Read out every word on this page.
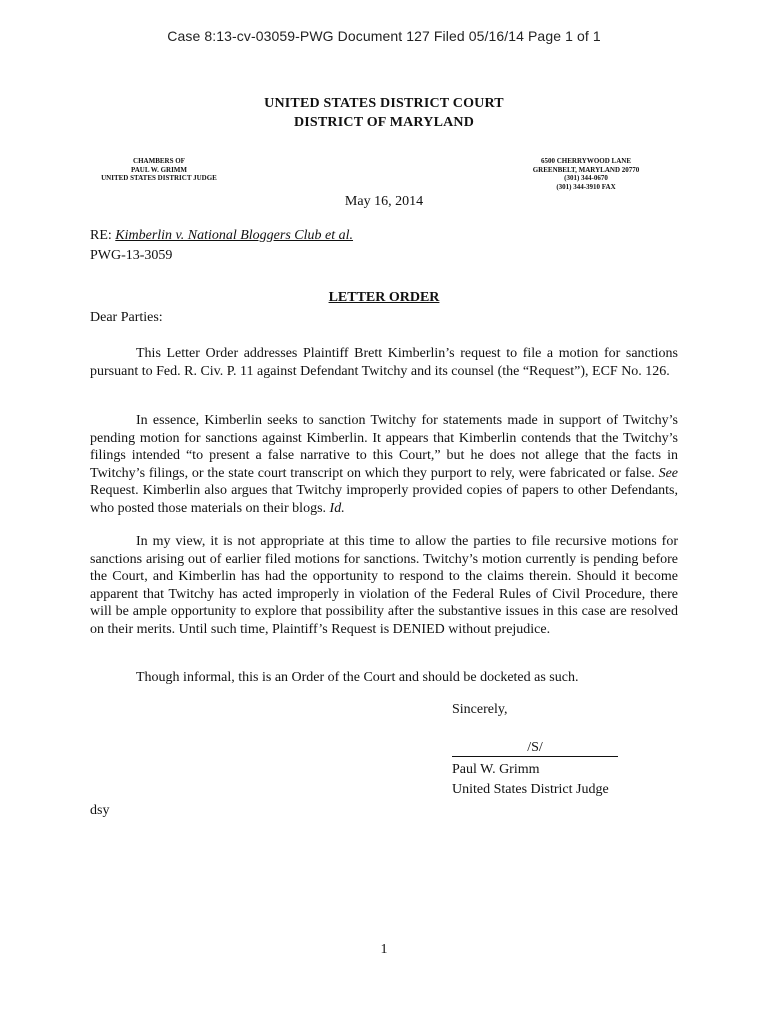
Case 8:13-cv-03059-PWG Document 127 Filed 05/16/14 Page 1 of 1
UNITED STATES DISTRICT COURT
DISTRICT OF MARYLAND
CHAMBERS OF
PAUL W. GRIMM
UNITED STATES DISTRICT JUDGE
6500 CHERRYWOOD LANE
GREENBELT, MARYLAND 20770
(301) 344-0670
(301) 344-3910 FAX
May 16, 2014
RE: Kimberlin v. National Bloggers Club et al.
PWG-13-3059
LETTER ORDER
Dear Parties:
This Letter Order addresses Plaintiff Brett Kimberlin’s request to file a motion for sanctions pursuant to Fed. R. Civ. P. 11 against Defendant Twitchy and its counsel (the “Request”), ECF No. 126.
In essence, Kimberlin seeks to sanction Twitchy for statements made in support of Twitchy’s pending motion for sanctions against Kimberlin. It appears that Kimberlin contends that the Twitchy’s filings intended “to present a false narrative to this Court,” but he does not allege that the facts in Twitchy’s filings, or the state court transcript on which they purport to rely, were fabricated or false. See Request. Kimberlin also argues that Twitchy improperly provided copies of papers to other Defendants, who posted those materials on their blogs. Id.
In my view, it is not appropriate at this time to allow the parties to file recursive motions for sanctions arising out of earlier filed motions for sanctions. Twitchy’s motion currently is pending before the Court, and Kimberlin has had the opportunity to respond to the claims therein. Should it become apparent that Twitchy has acted improperly in violation of the Federal Rules of Civil Procedure, there will be ample opportunity to explore that possibility after the substantive issues in this case are resolved on their merits. Until such time, Plaintiff’s Request is DENIED without prejudice.
Though informal, this is an Order of the Court and should be docketed as such.
Sincerely,
/S/
Paul W. Grimm
United States District Judge
dsy
1
